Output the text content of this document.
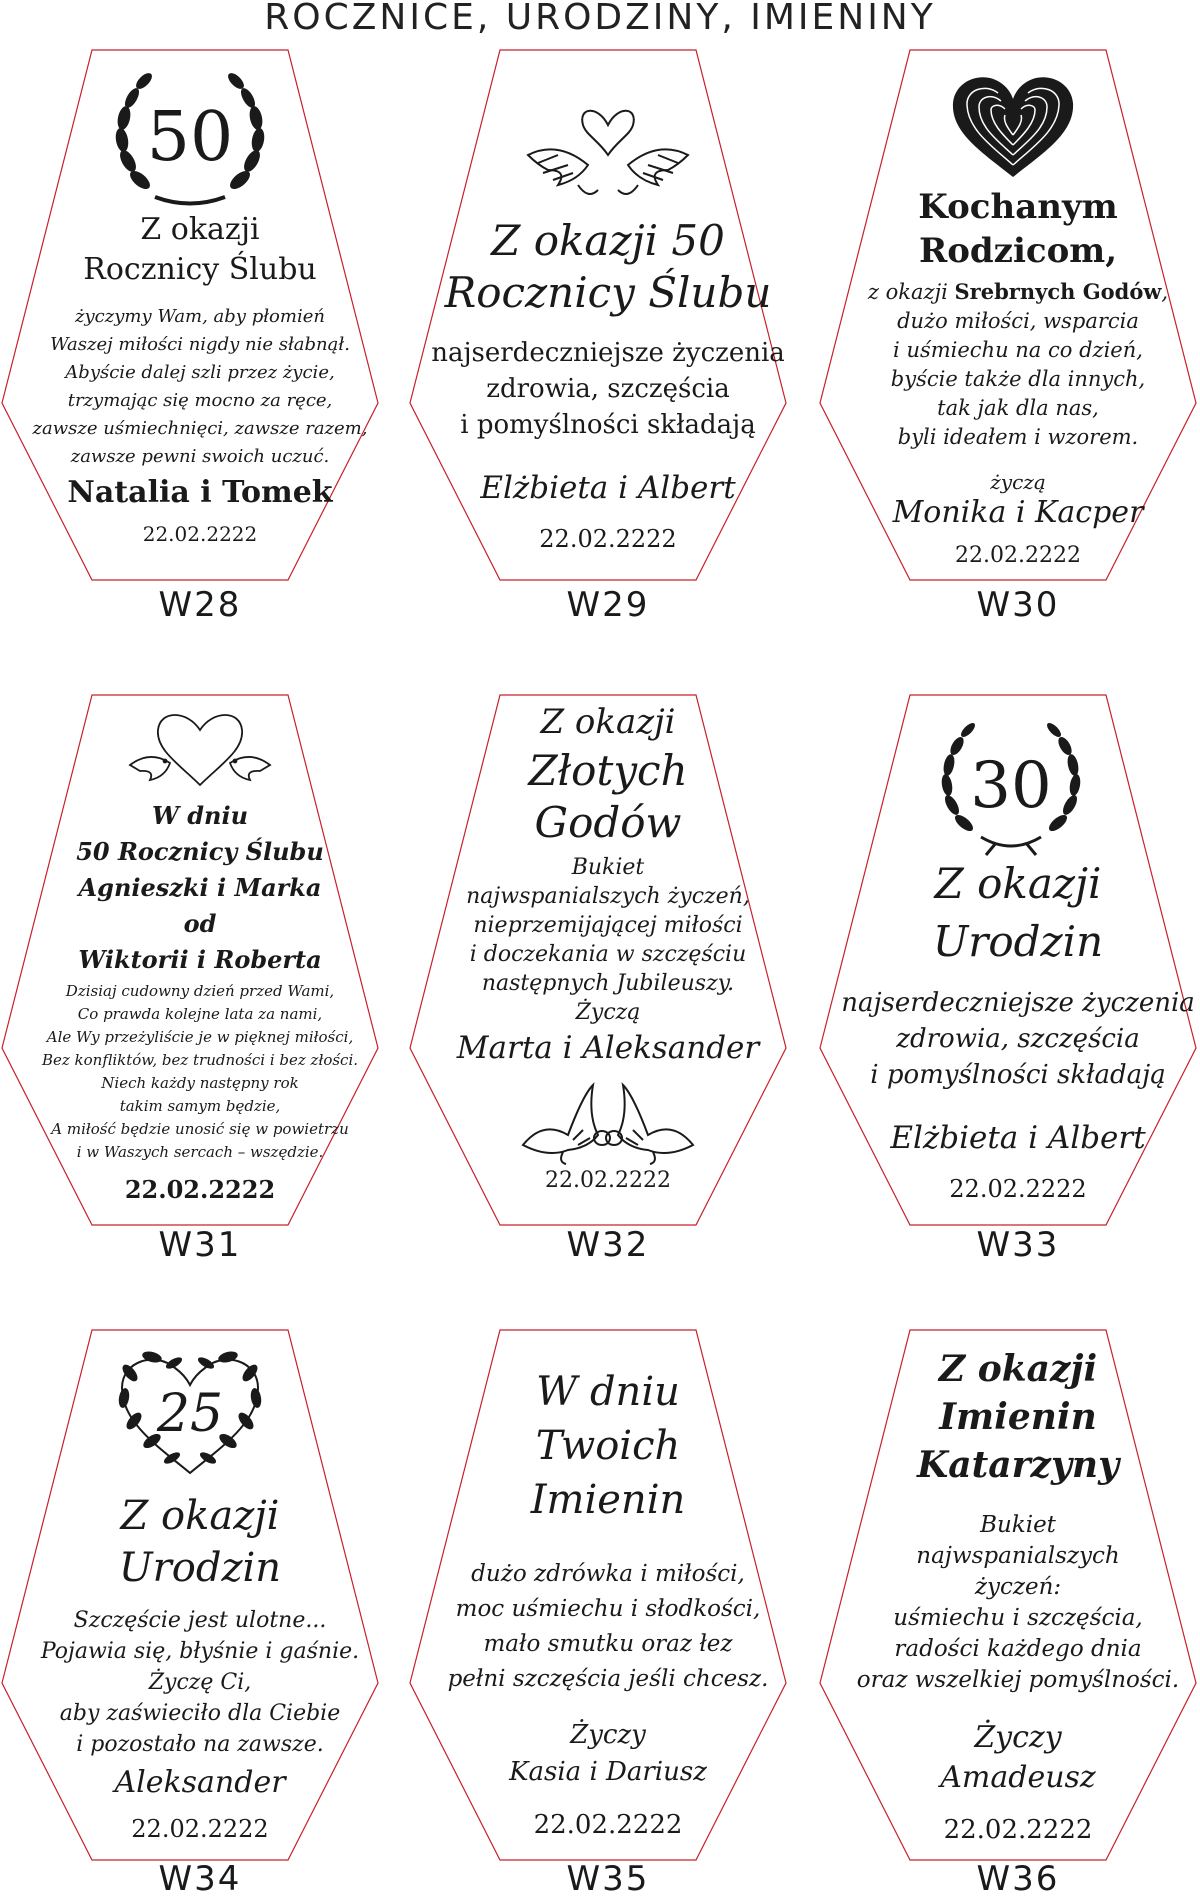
ROCZNICE, URODZINY, IMIENINY
50
Z okazji
Rocznicy Ślubu
życzymy Wam, aby płomień
Waszej miłości nigdy nie słabnął.
Abyście dalej szli przez życie,
trzymając się mocno za ręce,
zawsze uśmiechnięci, zawsze razem,
zawsze pewni swoich uczuć.
Natalia i Tomek
22.02.2222
W28
Z okazji 50
Rocznicy Ślubu
najserdeczniejsze życzenia
zdrowia, szczęścia
i pomyślności składają
Elżbieta i Albert
22.02.2222
W29
Kochanym
Rodzicom,
z okazji Srebrnych Godów,
dużo miłości, wsparcia
i uśmiechu na co dzień,
byście także dla innych,
tak jak dla nas,
byli ideałem i wzorem.
życzą
Monika i Kacper
22.02.2222
W30
W dniu
50 Rocznicy Ślubu
Agnieszki i Marka
od
Wiktorii i Roberta
Dzisiaj cudowny dzień przed Wami,
Co prawda kolejne lata za nami,
Ale Wy przeżyliście je w pięknej miłości,
Bez konfliktów, bez trudności i bez złości.
Niech każdy następny rok
takim samym będzie,
A miłość będzie unosić się w powietrzu
i w Waszych sercach – wszędzie.
22.02.2222
W31
Z okazji
Złotych
Godów
Bukiet
najwspanialszych życzeń,
nieprzemijającej miłości
i doczekania w szczęściu
następnych Jubileuszy.
Życzą
Marta i Aleksander
22.02.2222
W32
30
Z okazji
Urodzin
najserdeczniejsze życzenia
zdrowia, szczęścia
i pomyślności składają
Elżbieta i Albert
22.02.2222
W33
25
Z okazji
Urodzin
Szczęście jest ulotne...
Pojawia się, błyśnie i gaśnie.
Życzę Ci,
aby zaświeciło dla Ciebie
i pozostało na zawsze.
Aleksander
22.02.2222
W34
W dniu
Twoich
Imienin
dużo zdrówka i miłości,
moc uśmiechu i słodkości,
mało smutku oraz łez
pełni szczęścia jeśli chcesz.
Życzy
Kasia i Dariusz
22.02.2222
W35
Z okazji
Imienin
Katarzyny
Bukiet
najwspanialszych
życzeń:
uśmiechu i szczęścia,
radości każdego dnia
oraz wszelkiej pomyślności.
Życzy
Amadeusz
22.02.2222
W36
